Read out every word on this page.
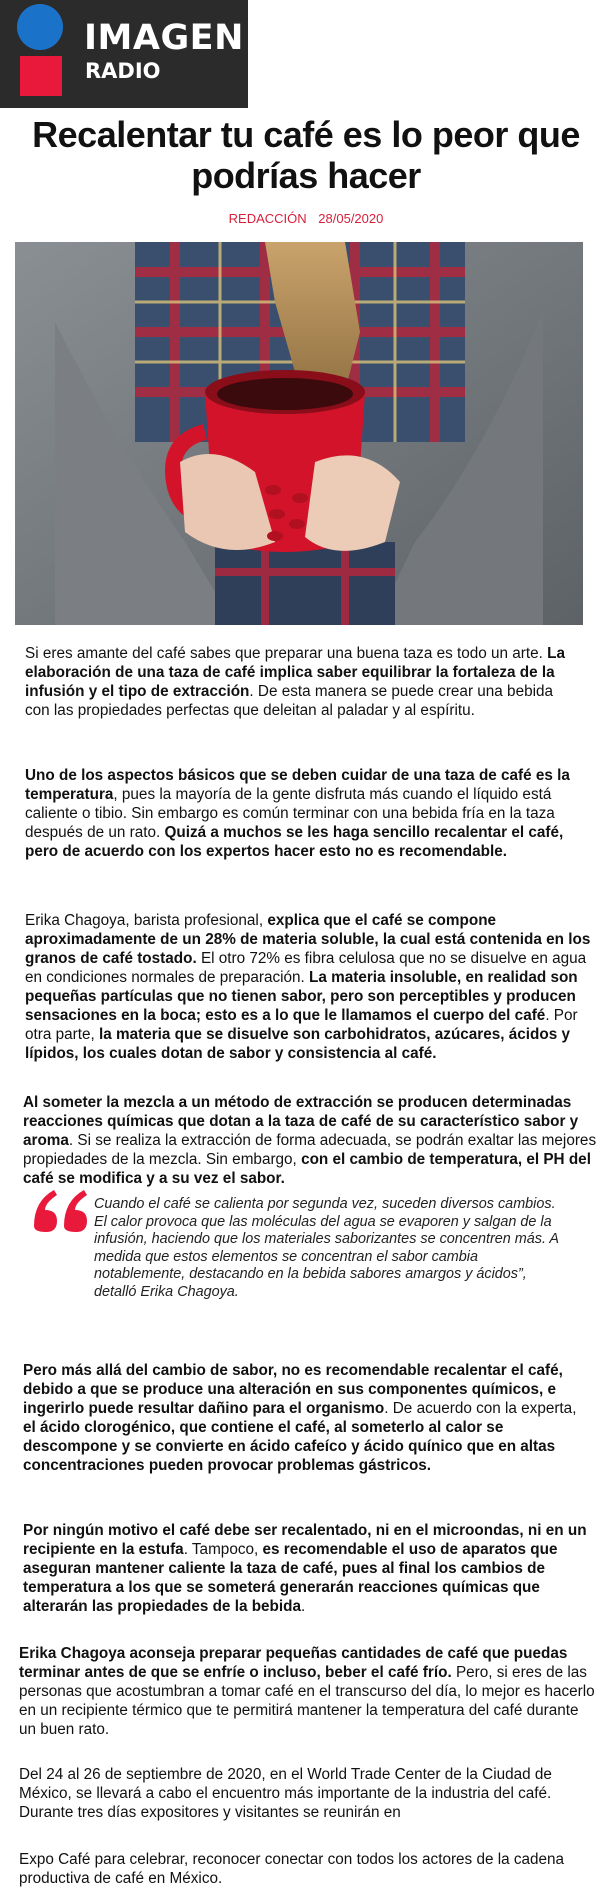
IMAGEN
RADIO
Recalentar tu café es lo peor que podrías hacer
REDACCIÓN 28/05/2020

Si eres amante del café sabes que preparar una buena taza es todo un arte. La elaboración de una taza de café implica saber equilibrar la fortaleza de la infusión y el tipo de extracción. De esta manera se puede crear una bebida con las propiedades perfectas que deleitan al paladar y al espíritu.

Uno de los aspectos básicos que se deben cuidar de una taza de café es la temperatura, pues la mayoría de la gente disfruta más cuando el líquido está caliente o tibio. Sin embargo es común terminar con una bebida fría en la taza después de un rato. Quizá a muchos se les haga sencillo recalentar el café, pero de acuerdo con los expertos hacer esto no es recomendable.

Erika Chagoya, barista profesional, explica que el café se compone aproximadamente de un 28% de materia soluble, la cual está contenida en los granos de café tostado. El otro 72% es fibra celulosa que no se disuelve en agua en condiciones normales de preparación. La materia insoluble, en realidad son pequeñas partículas que no tienen sabor, pero son perceptibles y producen sensaciones en la boca; esto es a lo que le llamamos el cuerpo del café. Por otra parte, la materia que se disuelve son carbohidratos, azúcares, ácidos y lípidos, los cuales dotan de sabor y consistencia al café.

Al someter la mezcla a un método de extracción se producen determinadas reacciones químicas que dotan a la taza de café de su característico sabor y aroma. Si se realiza la extracción de forma adecuada, se podrán exaltar las mejores propiedades de la mezcla. Sin embargo, con el cambio de temperatura, el PH del café se modifica y a su vez el sabor.

Cuando el café se calienta por segunda vez, suceden diversos cambios. El calor provoca que las moléculas del agua se evaporen y salgan de la infusión, haciendo que los materiales saborizantes se concentren más. A medida que estos elementos se concentran el sabor cambia notablemente, destacando en la bebida sabores amargos y ácidos”, detalló Erika Chagoya.

Pero más allá del cambio de sabor, no es recomendable recalentar el café, debido a que se produce una alteración en sus componentes químicos, e ingerirlo puede resultar dañino para el organismo. De acuerdo con la experta, el ácido clorogénico, que contiene el café, al someterlo al calor se descompone y se convierte en ácido cafeíco y ácido quínico que en altas concentraciones pueden provocar problemas gástricos.

Por ningún motivo el café debe ser recalentado, ni en el microondas, ni en un recipiente en la estufa. Tampoco, es recomendable el uso de aparatos que aseguran mantener caliente la taza de café, pues al final los cambios de temperatura a los que se someterá generarán reacciones químicas que alterarán las propiedades de la bebida.

Erika Chagoya aconseja preparar pequeñas cantidades de café que puedas terminar antes de que se enfríe o incluso, beber el café frío. Pero, si eres de las personas que acostumbran a tomar café en el transcurso del día, lo mejor es hacerlo en un recipiente térmico que te permitirá mantener la temperatura del café durante un buen rato.

Del 24 al 26 de septiembre de 2020, en el World Trade Center de la Ciudad de México, se llevará a cabo el encuentro más importante de la industria del café. Durante tres días expositores y visitantes se reunirán en

Expo Café para celebrar, reconocer conectar con todos los actores de la cadena productiva de café en México.
